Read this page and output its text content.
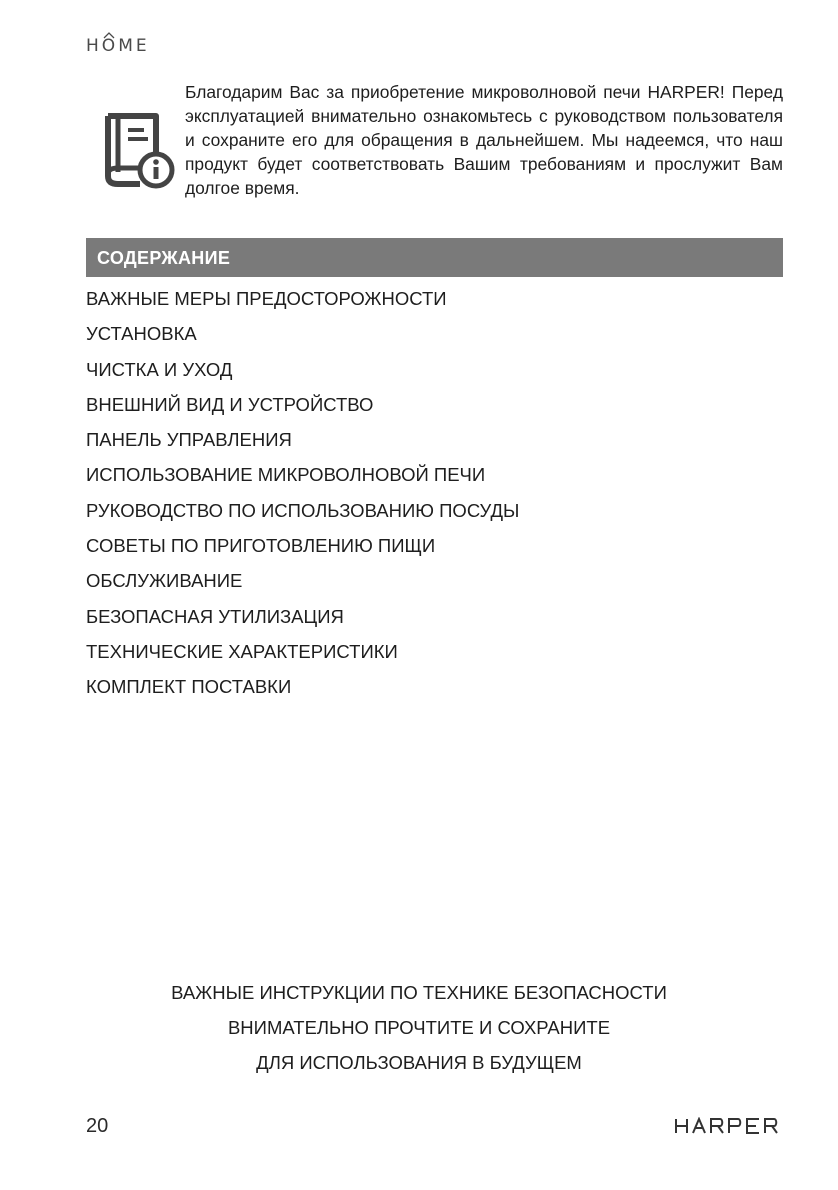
HO
ME
Благодарим Вас за приобретение микроволновой печи HARPER! Перед эксплуатацией внимательно ознакомьтесь с руководством пользователя и сохраните его для обращения в дальнейшем. Мы надеемся, что наш продукт будет соответствовать Вашим требованиям и прослужит Вам долгое время.
СОДЕРЖАНИЕ
ВАЖНЫЕ МЕРЫ ПРЕДОСТОРОЖНОСТИ
УСТАНОВКА
ЧИСТКА И УХОД
ВНЕШНИЙ ВИД И УСТРОЙСТВО
ПАНЕЛЬ УПРАВЛЕНИЯ
ИСПОЛЬЗОВАНИЕ МИКРОВОЛНОВОЙ ПЕЧИ
РУКОВОДСТВО ПО ИСПОЛЬЗОВАНИЮ ПОСУДЫ
СОВЕТЫ ПО ПРИГОТОВЛЕНИЮ ПИЩИ
ОБСЛУЖИВАНИЕ
БЕЗОПАСНАЯ УТИЛИЗАЦИЯ
ТЕХНИЧЕСКИЕ ХАРАКТЕРИСТИКИ
КОМПЛЕКТ ПОСТАВКИ
ВАЖНЫЕ ИНСТРУКЦИИ ПО ТЕХНИКЕ БЕЗОПАСНОСТИ
ВНИМАТЕЛЬНО ПРОЧТИТЕ И СОХРАНИТЕ
ДЛЯ ИСПОЛЬЗОВАНИЯ В БУДУЩЕМ
20
